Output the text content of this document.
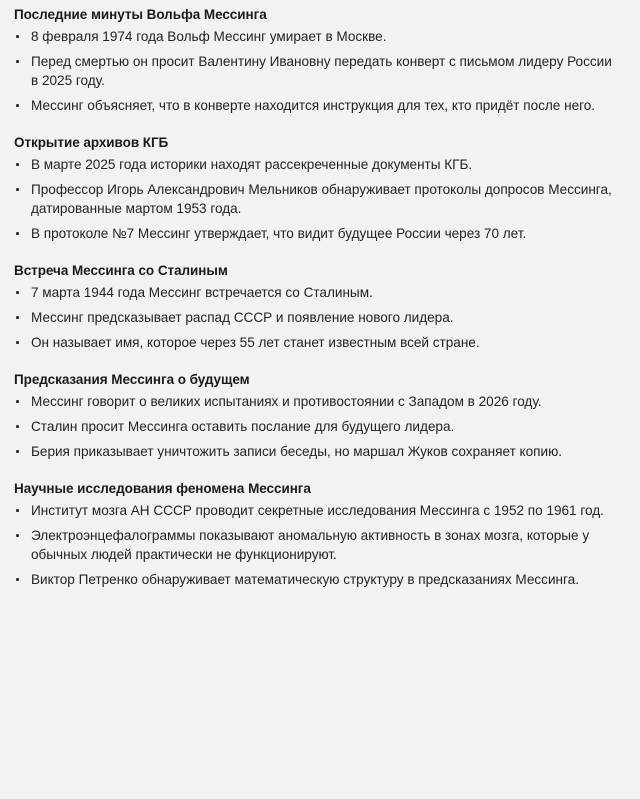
Последние минуты Вольфа Мессинга
8 февраля 1974 года Вольф Мессинг умирает в Москве.
Перед смертью он просит Валентину Ивановну передать конверт с письмом лидеру России в 2025 году.
Мессинг объясняет, что в конверте находится инструкция для тех, кто придёт после него.
Открытие архивов КГБ
В марте 2025 года историки находят рассекреченные документы КГБ.
Профессор Игорь Александрович Мельников обнаруживает протоколы допросов Мессинга, датированные мартом 1953 года.
В протоколе №7 Мессинг утверждает, что видит будущее России через 70 лет.
Встреча Мессинга со Сталиным
7 марта 1944 года Мессинг встречается со Сталиным.
Мессинг предсказывает распад СССР и появление нового лидера.
Он называет имя, которое через 55 лет станет известным всей стране.
Предсказания Мессинга о будущем
Мессинг говорит о великих испытаниях и противостоянии с Западом в 2026 году.
Сталин просит Мессинга оставить послание для будущего лидера.
Берия приказывает уничтожить записи беседы, но маршал Жуков сохраняет копию.
Научные исследования феномена Мессинга
Институт мозга АН СССР проводит секретные исследования Мессинга с 1952 по 1961 год.
Электроэнцефалограммы показывают аномальную активность в зонах мозга, которые у обычных людей практически не функционируют.
Виктор Петренко обнаруживает математическую структуру в предсказаниях Мессинга.
